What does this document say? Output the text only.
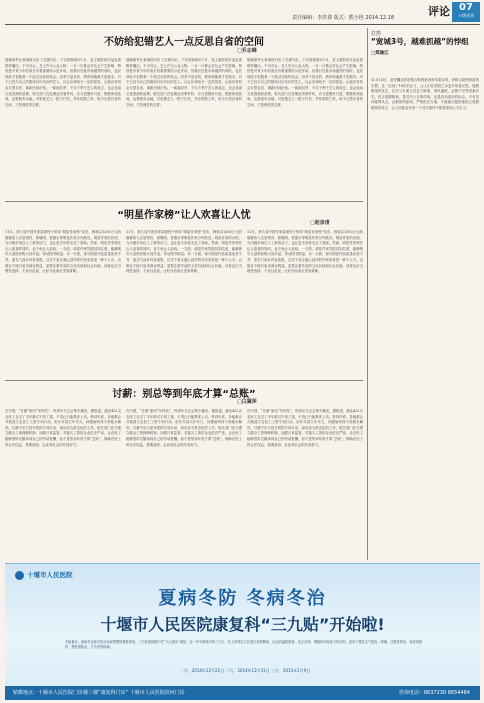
责任编辑：李洪倩 版式：熊小艳 2014.12.18	评论 07
十堰周刊
不妨给犯错艺人一点反思自省的空间
□乔志峰
德赫事件让黄海波付出了沉重代价，不仅被拘留6个月，其主演影视作品也被暂停播出。不可否认，艺人作为公众人物，一言一行都会对社会产生影响，特别是对青少年的成长有着重要的示范作用。但我们在批评和谴责的同时，也应该给予犯错者一个改过自新的机会。封杀不是目的，教育和挽救才是根本。对于已经为自己的错误付出代价的艺人，社会应该给予一定的宽容，让他们有机会反思自省，重新回到正轨。一味地封杀，不仅不利于艺人的改过，也会造成文化资源的浪费。相关部门在处理此类事件时，应当把握好尺度，既要体现惩戒，也要留有余地。对犯错艺人一棍子打死，并非明智之举，给予反思自省的空间，才是理性的态度。
德赫事件让黄海波付出了沉重代价，不仅被拘留6个月，其主演影视作品也被暂停播出。不可否认，艺人作为公众人物，一言一行都会对社会产生影响，特别是对青少年的成长有着重要的示范作用。但我们在批评和谴责的同时，也应该给予犯错者一个改过自新的机会。封杀不是目的，教育和挽救才是根本。对于已经为自己的错误付出代价的艺人，社会应该给予一定的宽容，让他们有机会反思自省，重新回到正轨。一味地封杀，不仅不利于艺人的改过，也会造成文化资源的浪费。相关部门在处理此类事件时，应当把握好尺度，既要体现惩戒，也要留有余地。对犯错艺人一棍子打死，并非明智之举，给予反思自省的空间，才是理性的态度。
德赫事件让黄海波付出了沉重代价，不仅被拘留6个月，其主演影视作品也被暂停播出。不可否认，艺人作为公众人物，一言一行都会对社会产生影响，特别是对青少年的成长有着重要的示范作用。但我们在批评和谴责的同时，也应该给予犯错者一个改过自新的机会。封杀不是目的，教育和挽救才是根本。对于已经为自己的错误付出代价的艺人，社会应该给予一定的宽容，让他们有机会反思自省，重新回到正轨。一味地封杀，不仅不利于艺人的改过，也会造成文化资源的浪费。相关部门在处理此类事件时，应当把握好尺度，既要体现惩戒，也要留有余地。对犯错艺人一棍子打死，并非明智之举，给予反思自省的空间，才是理性的态度。
“明星作家榜”让人欢喜让人忧
□赵彦甫
11月，第九届中国作家富豪榜子榜单“明星作家榜”发布，韩寒以1300万元的版税收入位居榜首，郭敬明、蔡康永等明星作家分列其后。明星作家的出现，为出版市场注入了新的活力，也让更多读者走近了阅读。然而，明星作家榜在让人欢喜的同时，也不免让人担忧。一方面，明星作家凭借其知名度，能够吸引大量粉丝购买其作品，带动图书销量；另一方面，部分明星作品质量参差不齐，靠名气而非内容取胜，这对于真正潜心创作的作家来说是一种不公平。出版业不能只追求商业利益，更要注重作品的文化价值和社会价值。读者也应当理性选择，不盲目追星，让好作品真正受到青睐。
11月，第九届中国作家富豪榜子榜单“明星作家榜”发布，韩寒以1300万元的版税收入位居榜首，郭敬明、蔡康永等明星作家分列其后。明星作家的出现，为出版市场注入了新的活力，也让更多读者走近了阅读。然而，明星作家榜在让人欢喜的同时，也不免让人担忧。一方面，明星作家凭借其知名度，能够吸引大量粉丝购买其作品，带动图书销量；另一方面，部分明星作品质量参差不齐，靠名气而非内容取胜，这对于真正潜心创作的作家来说是一种不公平。出版业不能只追求商业利益，更要注重作品的文化价值和社会价值。读者也应当理性选择，不盲目追星，让好作品真正受到青睐。
11月，第九届中国作家富豪榜子榜单“明星作家榜”发布，韩寒以1300万元的版税收入位居榜首，郭敬明、蔡康永等明星作家分列其后。明星作家的出现，为出版市场注入了新的活力，也让更多读者走近了阅读。然而，明星作家榜在让人欢喜的同时，也不免让人担忧。一方面，明星作家凭借其知名度，能够吸引大量粉丝购买其作品，带动图书销量；另一方面，部分明星作品质量参差不齐，靠名气而非内容取胜，这对于真正潜心创作的作家来说是一种不公平。出版业不能只追求商业利益，更要注重作品的文化价值和社会价值。读者也应当理性选择，不盲目追星，让好作品真正受到青睐。
讨薪：别总等到年底才算“总账”
□白冀萍
在中国，“讨薪”如同“年终奖”，每到年关总会集中爆发。据报道，湖北432名农民工在过了半年都讨不到工钱，不得已只能集体上访。每到年底，各地都会开展清欠农民工工资专项行动，但年年清欠年年欠，问题始终得不到根本解决。讨薪不应只是年底的专项行动，而应成为常态化的工作。相关部门应当建立健全工资保障机制，加强日常监管，对拖欠工资的企业依法严惩，让农民工能够按时足额拿到自己的劳动报酬，而不是等到年底才算“总账”。保障农民工的合法权益，需要政府、企业和社会的共同努力。
在中国，“讨薪”如同“年终奖”，每到年关总会集中爆发。据报道，湖北432名农民工在过了半年都讨不到工钱，不得已只能集体上访。每到年底，各地都会开展清欠农民工工资专项行动，但年年清欠年年欠，问题始终得不到根本解决。讨薪不应只是年底的专项行动，而应成为常态化的工作。相关部门应当建立健全工资保障机制，加强日常监管，对拖欠工资的企业依法严惩，让农民工能够按时足额拿到自己的劳动报酬，而不是等到年底才算“总账”。保障农民工的合法权益，需要政府、企业和社会的共同努力。
在中国，“讨薪”如同“年终奖”，每到年关总会集中爆发。据报道，湖北432名农民工在过了半年都讨不到工钱，不得已只能集体上访。每到年底，各地都会开展清欠农民工工资专项行动，但年年清欠年年欠，问题始终得不到根本解决。讨薪不应只是年底的专项行动，而应成为常态化的工作。相关部门应当建立健全工资保障机制，加强日常监管，对拖欠工资的企业依法严惩，让农民工能够按时足额拿到自己的劳动报酬，而不是等到年底才算“总账”。保障农民工的合法权益，需要政府、企业和社会的共同努力。
打捞
“宽城3号，越难抓越”的悖组
□郑渝江
12月15日，备受瞩目的呼格吉勒图案再审结果宣判，呼格吉勒图被改判无罪。这一迟到了18年的正义，让人们在欣慰之余更多的是反思。冤假错案的发生，往往与办案人员急于破案、刑讯逼供、证据不足等因素有关。纠正冤假错案，是司法公正的体现，也是法治进步的标志。只有坚持疑罪从无、证据裁判原则，严格依法办案，才能最大限度地防止冤假错案的发生，让人民群众在每一个司法案件中都感受到公平正义。
十堰市人民医院
夏病冬防 冬病冬治
十堰市人民医院康复科“三九贴”开始啦!
冬病夏治、夏病冬治是中医治未病思想的重要体现，三九贴是根据中医“天人相应”理论，在一年中最寒冷的三九天，在人体特定穴位进行药物敷贴，以达到温阳散寒、扶正祛邪、增强机体免疫力的目的。适用于慢性支气管炎、哮喘、过敏性鼻炎、体虚易感冒、慢性胃肠炎、关节炎等疾病。
一九：2014年12月22日 二九：2014年12月31日 三九：2015年1月9日
贴敷地点：十堰市人民医院门诊楼三楼“康复科门诊” 十堰市人民医院滨河门诊	咨询电话：8637230 8654484
